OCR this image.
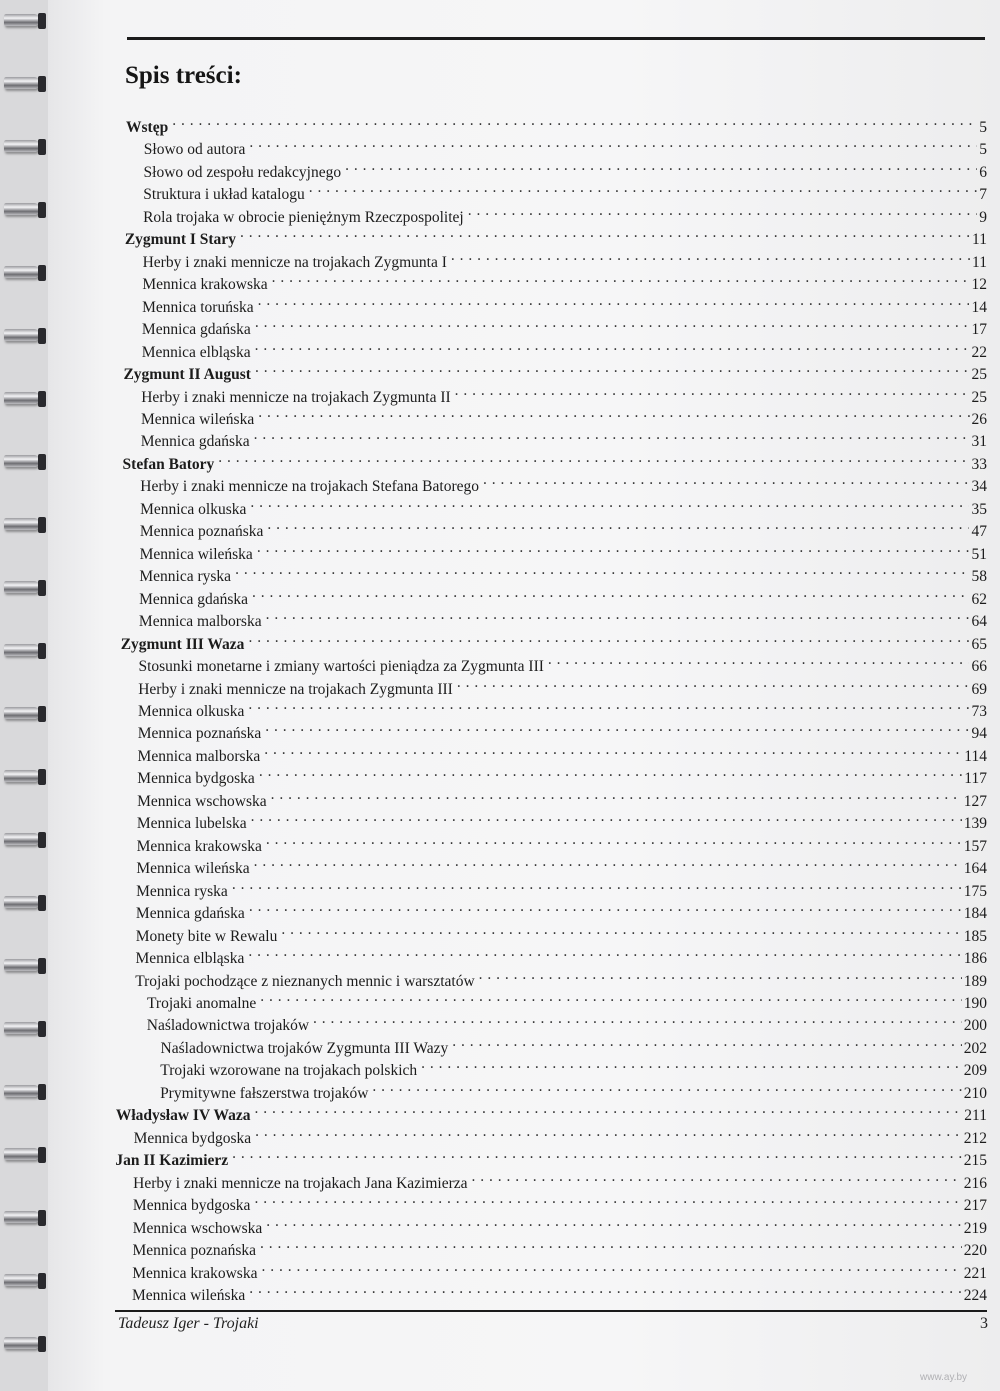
Spis treści:
Wstęp . . .	5
Słowo od autora . . .	5
Słowo od zespołu redakcyjnego . . .	6
Struktura i układ katalogu . . .	7
Rola trojaka w obrocie pieniężnym Rzeczpospolitej . . .	9
Zygmunt I Stary . . .	11
Herby i znaki mennicze na trojakach Zygmunta I . . .	11
Mennica krakowska . . .	12
Mennica toruńska . . .	14
Mennica gdańska . . .	17
Mennica elbląska . . .	22
Zygmunt II August . . .	25
Herby i znaki mennicze na trojakach Zygmunta II . . .	25
Mennica wileńska . . .	26
Mennica gdańska . . .	31
Stefan Batory . . .	33
Herby i znaki mennicze na trojakach Stefana Batorego . . .	34
Mennica olkuska . . .	35
Mennica poznańska . . .	47
Mennica wileńska . . .	51
Mennica ryska . . .	58
Mennica gdańska . . .	62
Mennica malborska . . .	64
Zygmunt III Waza . . .	65
Stosunki monetarne i zmiany wartości pieniądza za Zygmunta III . . .	66
Herby i znaki mennicze na trojakach Zygmunta III . . .	69
Mennica olkuska . . .	73
Mennica poznańska . . .	94
Mennica malborska . . .	114
Mennica bydgoska . . .	117
Mennica wschowska . . .	127
Mennica lubelska . . .	139
Mennica krakowska . . .	157
Mennica wileńska . . .	164
Mennica ryska . . .	175
Mennica gdańska . . .	184
Monety bite w Rewalu . . .	185
Mennica elbląska . . .	186
Trojaki pochodzące z nieznanych mennic i warsztatów . . .	189
Trojaki anomalne . . .	190
Naśladownictwa trojaków . . .	200
Naśladownictwa trojaków Zygmunta III Wazy . . .	202
Trojaki wzorowane na trojakach polskich . . .	209
Prymitywne fałszerstwa trojaków . . .	210
Władysław IV Waza . . .	211
Mennica bydgoska . . .	212
Jan II Kazimierz . . .	215
Herby i znaki mennicze na trojakach Jana Kazimierza . . .	216
Mennica bydgoska . . .	217
Mennica wschowska . . .	219
Mennica poznańska . . .	220
Mennica krakowska . . .	221
Mennica wileńska . . .	224
Tadeusz Iger - Trojaki	3
www.ay.by
